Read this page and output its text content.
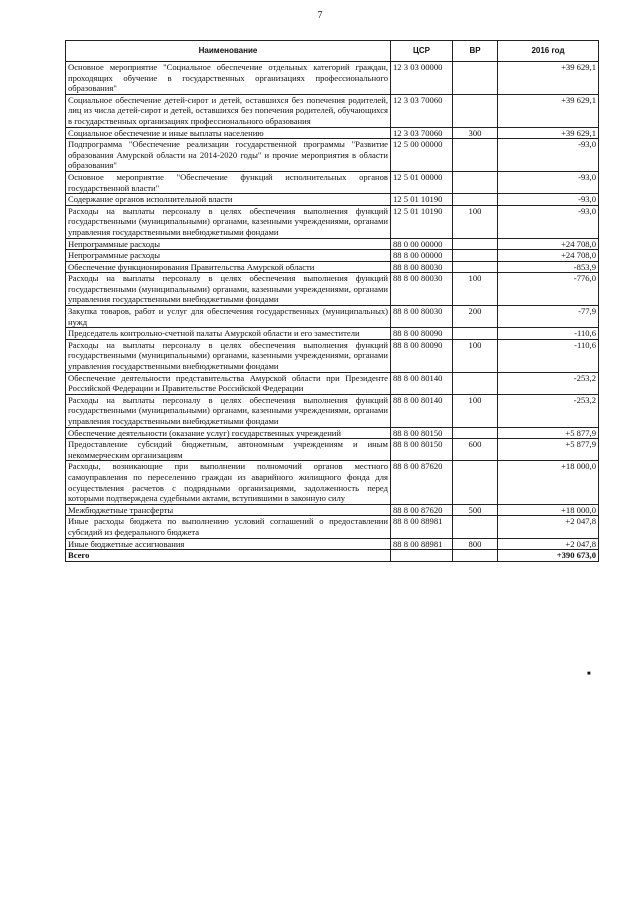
7
Наименование	ЦСР	ВР	2016 год
Основное мероприятие "Социальное обеспечение отдельных категорий граждан, проходящих обучение в государственных организациях профессионального образования"	12 3 03 00000		+39 629,1
Социальное обеспечение детей-сирот и детей, оставшихся без попечения родителей, лиц из числа детей-сирот и детей, оставшихся без попечения родителей, обучающихся в государственных организациях профессионального образования	12 3 03 70060		+39 629,1
Социальное обеспечение и иные выплаты населению	12 3 03 70060	300	+39 629,1
Подпрограмма "Обеспечение реализации государственной программы "Развитие образования Амурской области на 2014-2020 годы" и прочие мероприятия в области образования"	12 5 00 00000		-93,0
Основное мероприятие "Обеспечение функций исполнительных органов государственной власти"	12 5 01 00000		-93,0
Содержание органов исполнительной власти	12 5 01 10190		-93,0
Расходы на выплаты персоналу в целях обеспечения выполнения функций государственными (муниципальными) органами, казенными учреждениями, органами управления государственными внебюджетными фондами	12 5 01 10190	100	-93,0
Непрограммные расходы	88 0 00 00000		+24 708,0
Непрограммные расходы	88 8 00 00000		+24 708,0
Обеспечение функционирования Правительства Амурской области	88 8 00 80030		-853,9
Расходы на выплаты персоналу в целях обеспечения выполнения функций государственными (муниципальными) органами, казенными учреждениями, органами управления государственными внебюджетными фондами	88 8 00 80030	100	-776,0
Закупка товаров, работ и услуг для обеспечения государственных (муниципальных) нужд	88 8 00 80030	200	-77,9
Председатель контрольно-счетной палаты Амурской области и его заместители	88 8 00 80090		-110,6
Расходы на выплаты персоналу в целях обеспечения выполнения функций государственными (муниципальными) органами, казенными учреждениями, органами управления государственными внебюджетными фондами	88 8 00 80090	100	-110,6
Обеспечение деятельности представительства Амурской области при Президенте Российской Федерации и Правительстве Российской Федерации	88 8 00 80140		-253,2
Расходы на выплаты персоналу в целях обеспечения выполнения функций государственными (муниципальными) органами, казенными учреждениями, органами управления государственными внебюджетными фондами	88 8 00 80140	100	-253,2
Обеспечение деятельности (оказание услуг) государственных учреждений	88 8 00 80150		+5 877,9
Предоставление субсидий бюджетным, автономным учреждениям и иным некоммерческим организациям	88 8 00 80150	600	+5 877,9
Расходы, возникающие при выполнении полномочий органов местного самоуправления по переселению граждан из аварийного жилищного фонда для осуществления расчетов с подрядными организациями, задолженность перед которыми подтверждена судебными актами, вступившими в законную силу	88 8 00 87620		+18 000,0
Межбюджетные трансферты	88 8 00 87620	500	+18 000,0
Иные расходы бюджета по выполнению условий соглашений о предоставлении субсидий из федерального бюджета	88 8 00 88981		+2 047,8
Иные бюджетные ассигнования	88 8 00 88981	800	+2 047,8
Всего			+390 673,0
■
